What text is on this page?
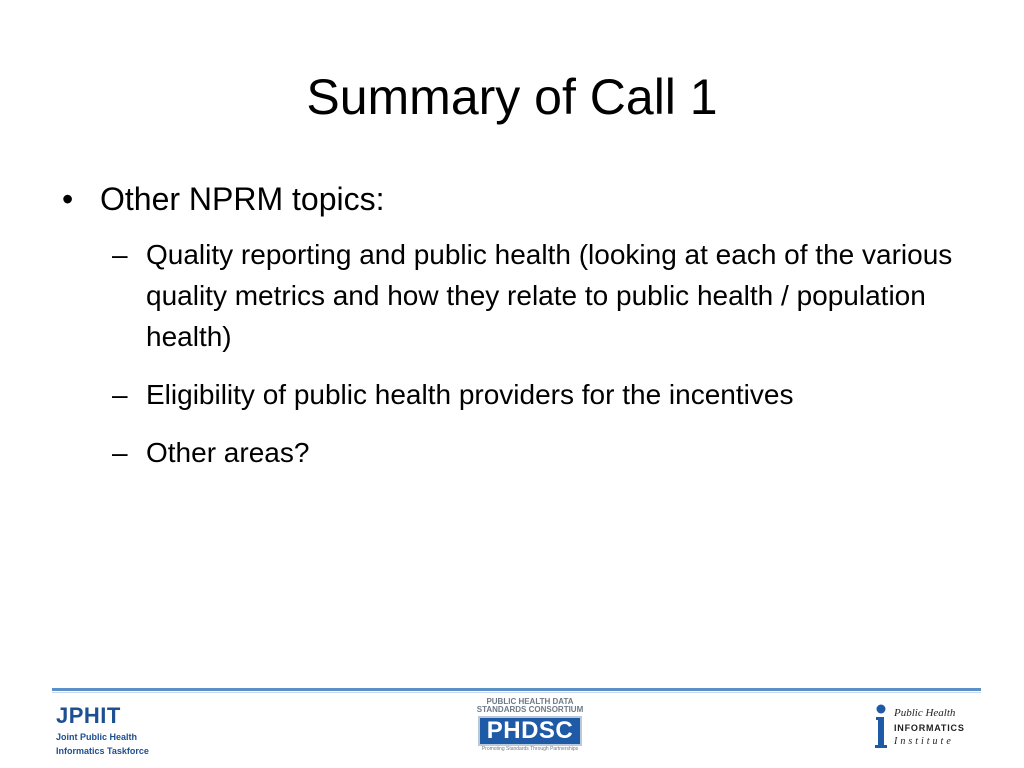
Summary of Call 1
• Other NPRM topics:
– Quality reporting and public health (looking at each of the various quality metrics and how they relate to public health / population health)
– Eligibility of public health providers for the incentives
– Other areas?
JPHIT
Joint Public Health
Informatics Taskforce
PUBLIC HEALTH DATA
STANDARDS CONSORTIUM
PHDSC
Promoting Standards Through Partnerships
Public Health
INFORMATICS
Institute
